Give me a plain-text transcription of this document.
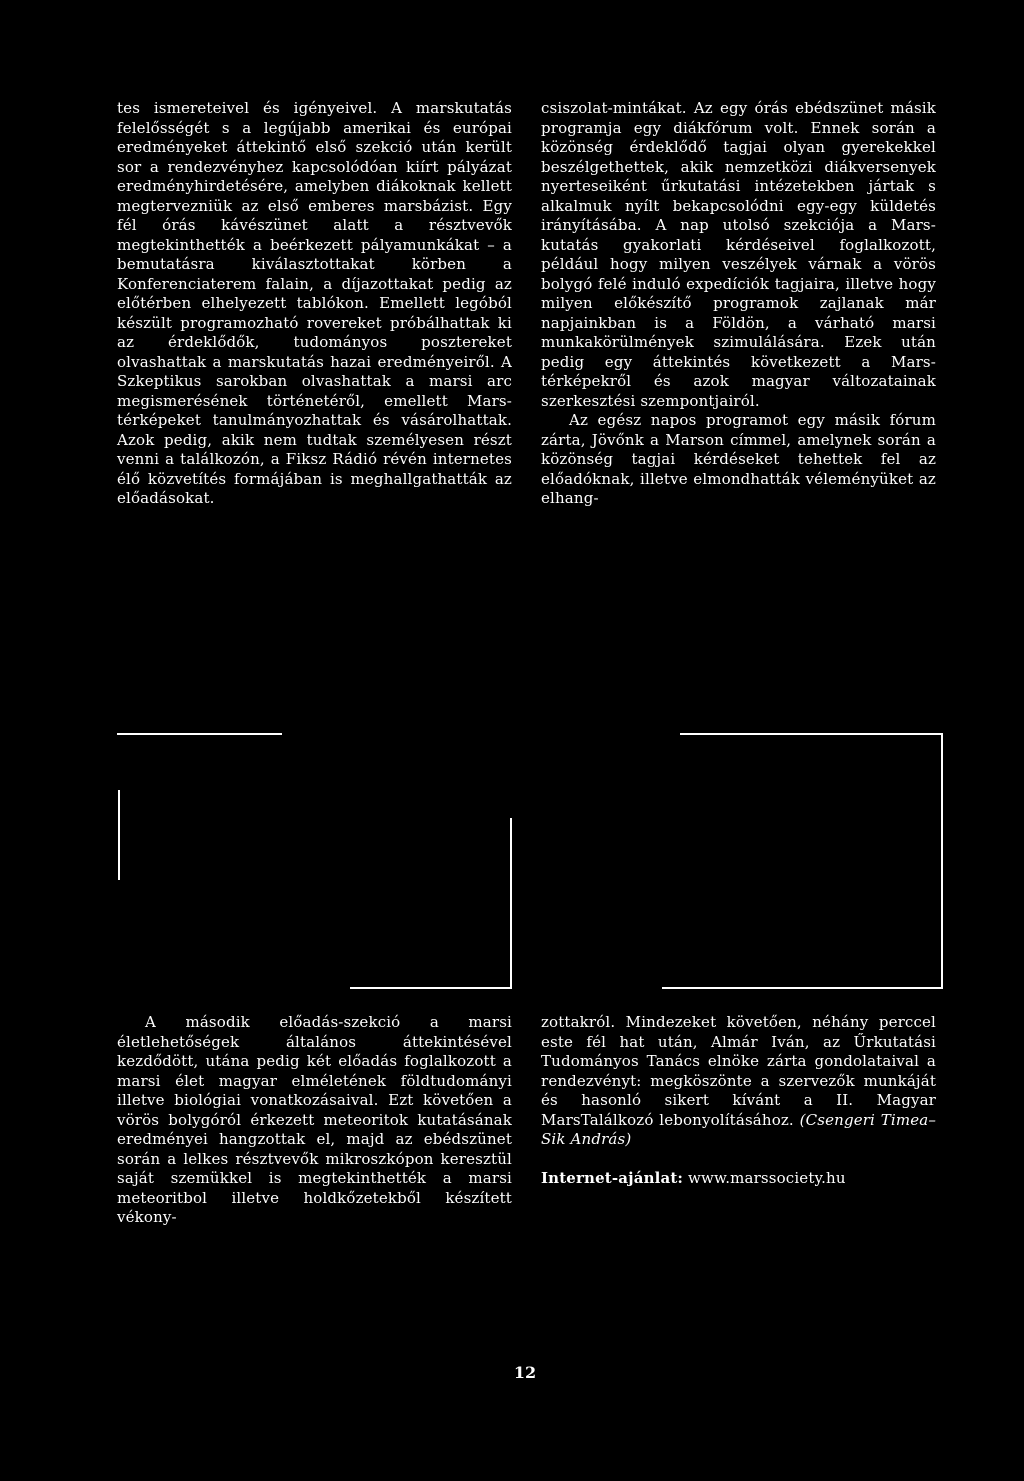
tes ismereteivel és igényeivel. A marskutatás felelősségét s a legújabb amerikai és európai eredményeket áttekintő első szekció után került sor a rendezvényhez kapcsolódóan kiírt pályázat eredményhirdetésére, amelyben diákoknak kellett megtervezniük az első emberes marsbázist. Egy fél órás kávészünet alatt a résztvevők megtekinthették a beérkezett pályamunkákat – a bemutatásra kiválasztottakat körben a Konferenciaterem falain, a díjazottakat pedig az előtérben elhelyezett tablókon. Emellett legóból készült programozható rovereket próbálhattak ki az érdeklődők, tudományos posztereket olvashattak a marskutatás hazai eredményeiről. A Szkeptikus sarokban olvashattak a marsi arc megismerésének történetéről, emellett Mars-térképeket tanulmányozhattak és vásárolhattak. Azok pedig, akik nem tudtak személyesen részt venni a találkozón, a Fiksz Rádió révén internetes élő közvetítés formájában is meghallgathatták az előadásokat.

csiszolat-mintákat. Az egy órás ebédszünet másik programja egy diákfórum volt. Ennek során a közönség érdeklődő tagjai olyan gyerekekkel beszélgethettek, akik nemzetközi diákversenyek nyerteseiként űrkutatási intézetekben jártak s alkalmuk nyílt bekapcsolódni egy-egy küldetés irányításába. A nap utolsó szekciója a Mars-kutatás gyakorlati kérdéseivel foglalkozott, például hogy milyen veszélyek várnak a vörös bolygó felé induló expedíciók tagjaira, illetve hogy milyen előkészítő programok zajlanak már napjainkban is a Földön, a várható marsi munkakörülmények szimulálására. Ezek után pedig egy áttekintés következett a Mars-térképekről és azok magyar változatainak szerkesztési szempontjairól.

Az egész napos programot egy másik fórum zárta, Jövőnk a Marson címmel, amelynek során a közönség tagjai kérdéseket tehettek fel az előadóknak, illetve elmondhatták véleményüket az elhang-

A második előadás-szekció a marsi életlehetőségek általános áttekintésével kezdődött, utána pedig két előadás foglalkozott a marsi élet magyar elméletének földtudományi illetve biológiai vonatkozásaival. Ezt követően a vörös bolygóról érkezett meteoritok kutatásának eredményei hangzottak el, majd az ebédszünet során a lelkes résztvevők mikroszkópon keresztül saját szemükkel is megtekinthették a marsi meteoritbol illetve holdkőzetekből készített vékony-

zottakról. Mindezeket követően, néhány perccel este fél hat után, Almár Iván, az Űrkutatási Tudományos Tanács elnöke zárta gondolataival a rendezvényt: megköszönte a szervezők munkáját és hasonló sikert kívánt a II. Magyar MarsTalálkozó lebonyolításához. (Csengeri Timea–Sik András)

Internet-ajánlat: www.marssociety.hu

12
